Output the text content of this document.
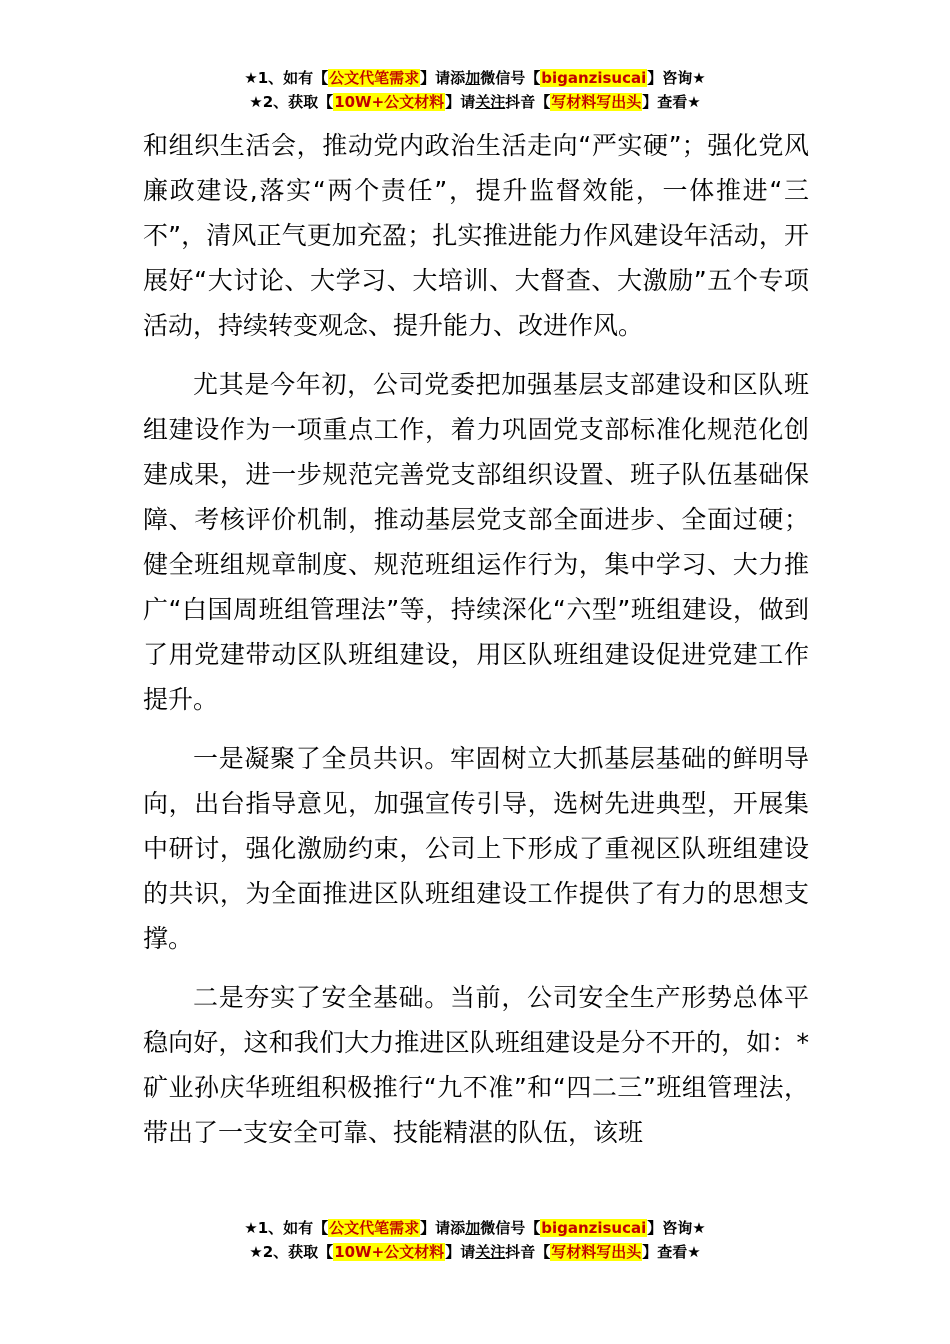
★1、如有【公文代笔需求】请添加微信号【biganzisucai】咨询★
★2、获取【10W+公文材料】请关注抖音【写材料写出头】查看★

和组织生活会，推动党内政治生活走向“严实硬”；强化党风廉政建设,落实“两个责任”，提升监督效能，一体推进“三不”，清风正气更加充盈；扎实推进能力作风建设年活动，开展好“大讨论、大学习、大培训、大督查、大激励”五个专项活动，持续转变观念、提升能力、改进作风。

尤其是今年初，公司党委把加强基层支部建设和区队班组建设作为一项重点工作，着力巩固党支部标准化规范化创建成果，进一步规范完善党支部组织设置、班子队伍基础保障、考核评价机制，推动基层党支部全面进步、全面过硬；健全班组规章制度、规范班组运作行为，集中学习、大力推广“白国周班组管理法”等，持续深化“六型”班组建设，做到了用党建带动区队班组建设，用区队班组建设促进党建工作提升。

一是凝聚了全员共识。牢固树立大抓基层基础的鲜明导向，出台指导意见，加强宣传引导，选树先进典型，开展集中研讨，强化激励约束，公司上下形成了重视区队班组建设的共识，为全面推进区队班组建设工作提供了有力的思想支撑。

二是夯实了安全基础。当前，公司安全生产形势总体平稳向好，这和我们大力推进区队班组建设是分不开的，如：*矿业孙庆华班组积极推行“九不准”和“四二三”班组管理法，带出了一支安全可靠、技能精湛的队伍，该班

★1、如有【公文代笔需求】请添加微信号【biganzisucai】咨询★
★2、获取【10W+公文材料】请关注抖音【写材料写出头】查看★
